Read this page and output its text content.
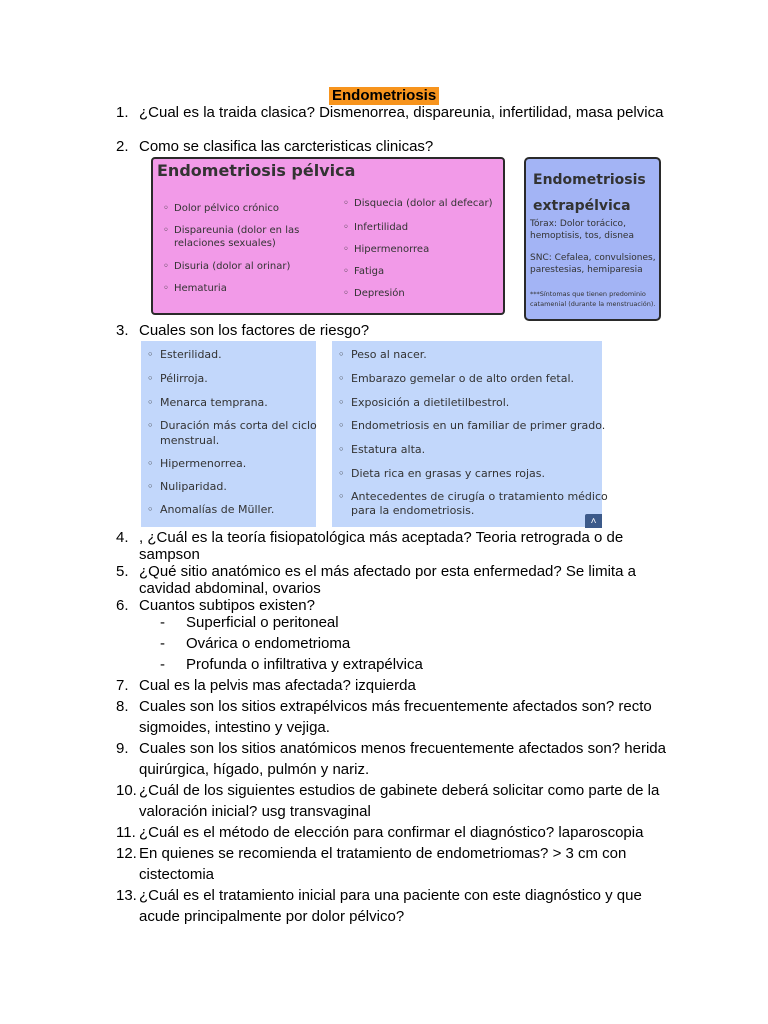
Endometriosis
1. ¿Cual es la traida clasica? Dismenorrea, dispareunia, infertilidad, masa pelvica
2. Como se clasifica las carcteristicas clinicas?
Endometriosis pélvica
◦ Dolor pélvico crónico
◦ Dispareunia (dolor en las
relaciones sexuales)
◦ Disuria (dolor al orinar)
◦ Hematuria
◦ Disquecia (dolor al defecar)
◦ Infertilidad
◦ Hipermenorrea
◦ Fatiga
◦ Depresión
Endometriosis extrapélvica
Tórax: Dolor torácico, hemoptisis, tos, disnea
SNC: Cefalea, convulsiones, parestesias, hemiparesia
***Síntomas que tienen predominio catamenial (durante la menstruación).
3. Cuales son los factores de riesgo?
◦ Esterilidad.
◦ Pélirroja.
◦ Menarca temprana.
◦ Duración más corta del ciclo
menstrual.
◦ Hipermenorrea.
◦ Nuliparidad.
◦ Anomalías de Müller.
◦ Peso al nacer.
◦ Embarazo gemelar o de alto orden fetal.
◦ Exposición a dietiletilbestrol.
◦ Endometriosis en un familiar de primer grado.
◦ Estatura alta.
◦ Dieta rica en grasas y carnes rojas.
◦ Antecedentes de cirugía o tratamiento médico
para la endometriosis.
˄
4. , ¿Cuál es la teoría fisiopatológica más aceptada? Teoria retrograda o de sampson
5. ¿Qué sitio anatómico es el más afectado por esta enfermedad? Se limita a cavidad abdominal, ovarios
6. Cuantos subtipos existen?
- Superficial o peritoneal
- Ovárica o endometrioma
- Profunda o infiltrativa y extrapélvica
7. Cual es la pelvis mas afectada? izquierda
8. Cuales son los sitios extrapélvicos más frecuentemente afectados son? recto sigmoides, intestino y vejiga.
9. Cuales son los sitios anatómicos menos frecuentemente afectados son? herida quirúrgica, hígado, pulmón y nariz.
10. ¿Cuál de los siguientes estudios de gabinete deberá solicitar como parte de la valoración inicial? usg transvaginal
11. ¿Cuál es el método de elección para confirmar el diagnóstico? laparoscopia
12. En quienes se recomienda el tratamiento de endometriomas? > 3 cm con cistectomia
13. ¿Cuál es el tratamiento inicial para una paciente con este diagnóstico y que acude principalmente por dolor pélvico?
